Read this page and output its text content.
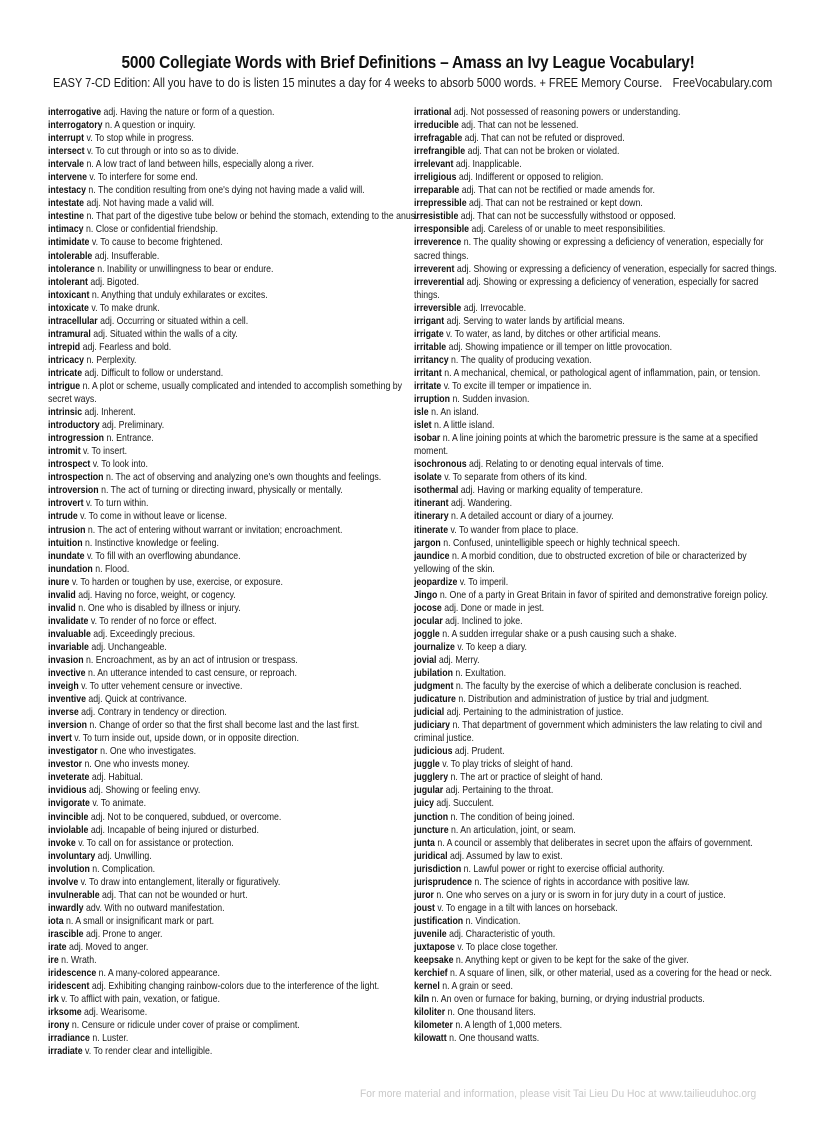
5000 Collegiate Words with Brief Definitions – Amass an Ivy League Vocabulary!
EASY 7-CD Edition: All you have to do is listen 15 minutes a day for 4 weeks to absorb 5000 words. + FREE Memory Course. FreeVocabulary.com
interrogative adj. Having the nature or form of a question.
interrogatory n. A question or inquiry.
interrupt v. To stop while in progress.
intersect v. To cut through or into so as to divide.
intervale n. A low tract of land between hills, especially along a river.
intervene v. To interfere for some end.
intestacy n. The condition resulting from one's dying not having made a valid will.
intestate adj. Not having made a valid will.
intestine n. That part of the digestive tube below or behind the stomach, extending to the anus.
intimacy n. Close or confidential friendship.
intimidate v. To cause to become frightened.
intolerable adj. Insufferable.
intolerance n. Inability or unwillingness to bear or endure.
intolerant adj. Bigoted.
intoxicant n. Anything that unduly exhilarates or excites.
intoxicate v. To make drunk.
intracellular adj. Occurring or situated within a cell.
intramural adj. Situated within the walls of a city.
intrepid adj. Fearless and bold.
intricacy n. Perplexity.
intricate adj. Difficult to follow or understand.
intrigue n. A plot or scheme, usually complicated and intended to accomplish something by secret ways.
intrinsic adj. Inherent.
introductory adj. Preliminary.
introgression n. Entrance.
intromit v. To insert.
introspect v. To look into.
introspection n. The act of observing and analyzing one's own thoughts and feelings.
introversion n. The act of turning or directing inward, physically or mentally.
introvert v. To turn within.
intrude v. To come in without leave or license.
intrusion n. The act of entering without warrant or invitation; encroachment.
intuition n. Instinctive knowledge or feeling.
inundate v. To fill with an overflowing abundance.
inundation n. Flood.
inure v. To harden or toughen by use, exercise, or exposure.
invalid adj. Having no force, weight, or cogency.
invalid n. One who is disabled by illness or injury.
invalidate v. To render of no force or effect.
invaluable adj. Exceedingly precious.
invariable adj. Unchangeable.
invasion n. Encroachment, as by an act of intrusion or trespass.
invective n. An utterance intended to cast censure, or reproach.
inveigh v. To utter vehement censure or invective.
inventive adj. Quick at contrivance.
inverse adj. Contrary in tendency or direction.
inversion n. Change of order so that the first shall become last and the last first.
invert v. To turn inside out, upside down, or in opposite direction.
investigator n. One who investigates.
investor n. One who invests money.
inveterate adj. Habitual.
invidious adj. Showing or feeling envy.
invigorate v. To animate.
invincible adj. Not to be conquered, subdued, or overcome.
inviolable adj. Incapable of being injured or disturbed.
invoke v. To call on for assistance or protection.
involuntary adj. Unwilling.
involution n. Complication.
involve v. To draw into entanglement, literally or figuratively.
invulnerable adj. That can not be wounded or hurt.
inwardly adv. With no outward manifestation.
iota n. A small or insignificant mark or part.
irascible adj. Prone to anger.
irate adj. Moved to anger.
ire n. Wrath.
iridescence n. A many-colored appearance.
iridescent adj. Exhibiting changing rainbow-colors due to the interference of the light.
irk v. To afflict with pain, vexation, or fatigue.
irksome adj. Wearisome.
irony n. Censure or ridicule under cover of praise or compliment.
irradiance n. Luster.
irradiate v. To render clear and intelligible.
irrational adj. Not possessed of reasoning powers or understanding.
irreducible adj. That can not be lessened.
irrefragable adj. That can not be refuted or disproved.
irrefrangible adj. That can not be broken or violated.
irrelevant adj. Inapplicable.
irreligious adj. Indifferent or opposed to religion.
irreparable adj. That can not be rectified or made amends for.
irrepressible adj. That can not be restrained or kept down.
irresistible adj. That can not be successfully withstood or opposed.
irresponsible adj. Careless of or unable to meet responsibilities.
irreverence n. The quality showing or expressing a deficiency of veneration, especially for sacred things.
irreverent adj. Showing or expressing a deficiency of veneration, especially for sacred things.
irreverential adj. Showing or expressing a deficiency of veneration, especially for sacred things.
irreversible adj. Irrevocable.
irrigant adj. Serving to water lands by artificial means.
irrigate v. To water, as land, by ditches or other artificial means.
irritable adj. Showing impatience or ill temper on little provocation.
irritancy n. The quality of producing vexation.
irritant n. A mechanical, chemical, or pathological agent of inflammation, pain, or tension.
irritate v. To excite ill temper or impatience in.
irruption n. Sudden invasion.
isle n. An island.
islet n. A little island.
isobar n. A line joining points at which the barometric pressure is the same at a specified moment.
isochronous adj. Relating to or denoting equal intervals of time.
isolate v. To separate from others of its kind.
isothermal adj. Having or marking equality of temperature.
itinerant adj. Wandering.
itinerary n. A detailed account or diary of a journey.
itinerate v. To wander from place to place.
jargon n. Confused, unintelligible speech or highly technical speech.
jaundice n. A morbid condition, due to obstructed excretion of bile or characterized by yellowing of the skin.
jeopardize v. To imperil.
Jingo n. One of a party in Great Britain in favor of spirited and demonstrative foreign policy.
jocose adj. Done or made in jest.
jocular adj. Inclined to joke.
joggle n. A sudden irregular shake or a push causing such a shake.
journalize v. To keep a diary.
jovial adj. Merry.
jubilation n. Exultation.
judgment n. The faculty by the exercise of which a deliberate conclusion is reached.
judicature n. Distribution and administration of justice by trial and judgment.
judicial adj. Pertaining to the administration of justice.
judiciary n. That department of government which administers the law relating to civil and criminal justice.
judicious adj. Prudent.
juggle v. To play tricks of sleight of hand.
jugglery n. The art or practice of sleight of hand.
jugular adj. Pertaining to the throat.
juicy adj. Succulent.
junction n. The condition of being joined.
juncture n. An articulation, joint, or seam.
junta n. A council or assembly that deliberates in secret upon the affairs of government.
juridical adj. Assumed by law to exist.
jurisdiction n. Lawful power or right to exercise official authority.
jurisprudence n. The science of rights in accordance with positive law.
juror n. One who serves on a jury or is sworn in for jury duty in a court of justice.
joust v. To engage in a tilt with lances on horseback.
justification n. Vindication.
juvenile adj. Characteristic of youth.
juxtapose v. To place close together.
keepsake n. Anything kept or given to be kept for the sake of the giver.
kerchief n. A square of linen, silk, or other material, used as a covering for the head or neck.
kernel n. A grain or seed.
kiln n. An oven or furnace for baking, burning, or drying industrial products.
kiloliter n. One thousand liters.
kilometer n. A length of 1,000 meters.
kilowatt n. One thousand watts.
For more material and information, please visit Tai Lieu Du Hoc at www.tailieuduhoc.org
